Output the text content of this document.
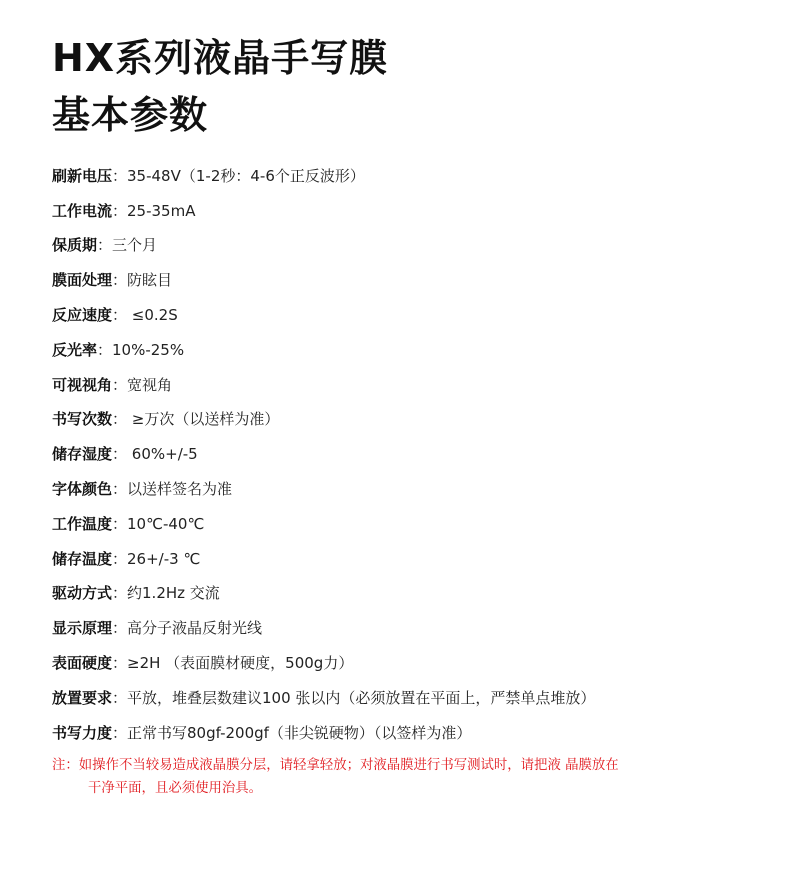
HX系列液晶手写膜
基本参数
刷新电压 ：35-48V（1-2秒：4-6个正反波形）
工作电流 ：25-35mA
保质期 ：三个月
膜面处理 ：防眩目
反应速度 ： ≤0.2S
反光率 ：10%-25%
可视视角 ：宽视角
书写次数 ： ≥万次（以送样为准）
储存湿度 ： 60%+/-5
字体颜色 ：以送样签名为准
工作温度 ：10℃-40℃
储存温度 ：26+/-3 ℃
驱动方式 ：约1.2Hz 交流
显示原理 ：高分子液晶反射光线
表面硬度 ：≥2H （表面膜材硬度，500g力）
放置要求 ：平放，堆叠层数建议100 张以内（必须放置在平面上，严禁单点堆放）
书写力度 ：正常书写80gf-200gf（非尖锐硬物）（以签样为准）
注：如操作不当较易造成液晶膜分层，请轻拿轻放；对液晶膜进行书写测试时，请把液 晶膜放在
干净平面，且必须使用治具。
